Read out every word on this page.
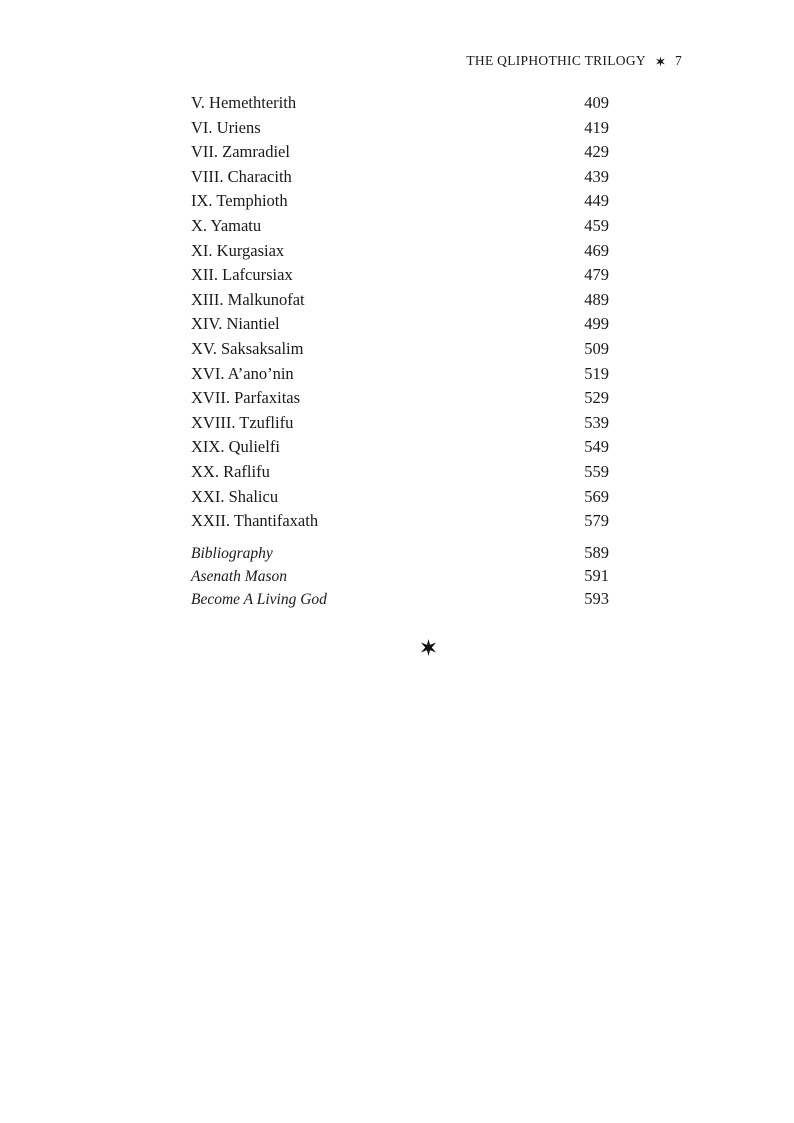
THE QLIPHOTHIC TRILOGY 7
V. Hemethterith	409
VI. Uriens	419
VII. Zamradiel	429
VIII. Characith	439
IX. Temphioth	449
X. Yamatu	459
XI. Kurgasiax	469
XII. Lafcursiax	479
XIII. Malkunofat	489
XIV. Niantiel	499
XV. Saksaksalim	509
XVI. A’ano’nin	519
XVII. Parfaxitas	529
XVIII. Tzuflifu	539
XIX. Qulielfi	549
XX. Raflifu	559
XXI. Shalicu	569
XXII. Thantifaxath	579
Bibliography	589
Asenath Mason	591
Become A Living God	593
